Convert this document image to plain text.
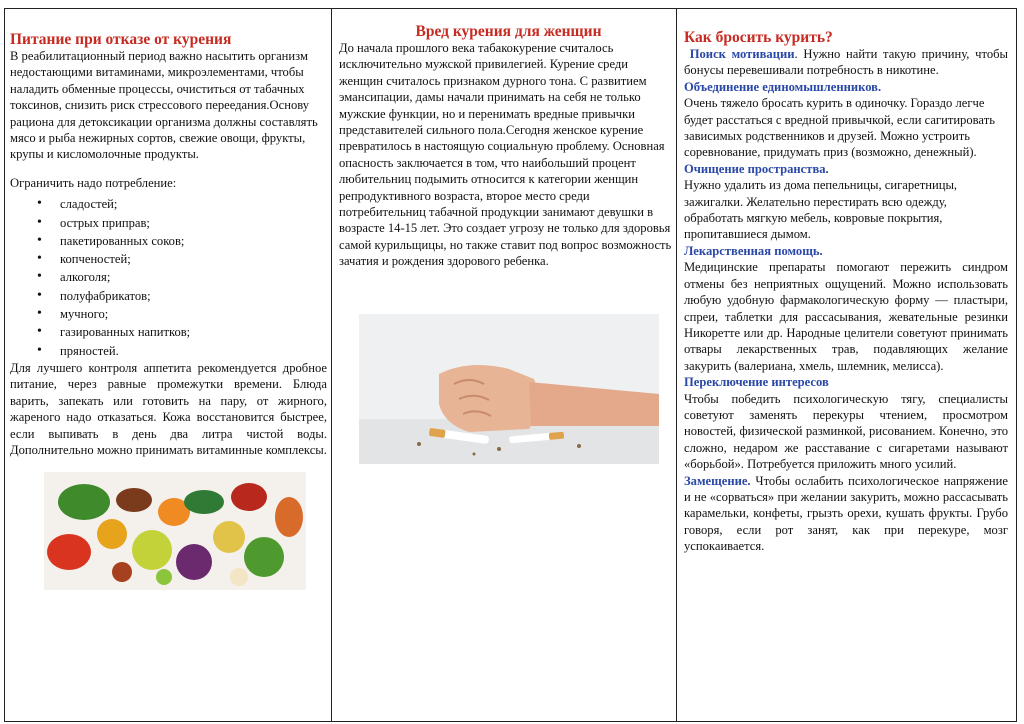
Питание при отказе от курения

В реабилитационный период важно насытить организм недостающими витаминами, микроэлементами, чтобы наладить обменные процессы, очиститься от табачных токсинов, снизить риск стрессового переедания.Основу рациона для детоксикации организма должны составлять мясо и рыба нежирных сортов, свежие овощи, фрукты, крупы и кисломолочные продукты.

Ограничить надо потребление:

• сладостей;
• острых приправ;
• пакетированных соков;
• копченостей;
• алкоголя;
• полуфабрикатов;
• мучного;
• газированных напитков;
• пряностей.

Для лучшего контроля аппетита рекомендуется дробное питание, через равные промежутки времени. Блюда варить, запекать или готовить на пару, от жирного, жареного надо отказаться. Кожа восстановится быстрее, если выпивать в день два литра чистой воды. Дополнительно можно принимать витаминные комплексы.

Вред курения для женщин

До начала прошлого века табакокурение считалось исключительно мужской привилегией. Курение среди женщин считалось признаком дурного тона. С развитием эмансипации, дамы начали принимать на себя не только мужские функции, но и перенимать вредные привычки представителей сильного пола.Сегодня женское курение превратилось в настоящую социальную проблему. Основная опасность заключается в том, что наибольший процент любительниц подымить относится к категории женщин репродуктивного возраста, второе место среди потребительниц табачной продукции занимают девушки в возрасте 14-15 лет. Это создает угрозу не только для здоровья самой курильщицы, но также ставит под вопрос возможность зачатия и рождения здорового ребенка.

Как бросить курить?

Поиск мотивации. Нужно найти такую причину, чтобы бонусы перевешивали потребность в никотине.

Объединение единомышленников.

Очень тяжело бросать курить в одиночку. Гораздо легче будет расстаться с вредной привычкой, если сагитировать зависимых родственников и друзей. Можно устроить соревнование, придумать приз (возможно, денежный).

Очищение пространства.

Нужно удалить из дома пепельницы, сигаретницы, зажигалки. Желательно перестирать всю одежду, обработать мягкую мебель, ковровые покрытия, пропитавшиеся дымом.

Лекарственная помощь.

Медицинские препараты помогают пережить синдром отмены без неприятных ощущений. Можно использовать любую удобную фармакологическую форму — пластыри, спреи, таблетки для рассасывания, жевательные резинки Никоретте или др. Народные целители советуют принимать отвары лекарственных трав, подавляющих желание закурить (валериана, хмель, шлемник, мелисса).

Переключение интересов

Чтобы победить психологическую тягу, специалисты советуют заменять перекуры чтением, просмотром новостей, физической разминкой, рисованием. Конечно, это сложно, недаром же расставание с сигаретами называют «борьбой». Потребуется приложить много усилий.

Замещение. Чтобы ослабить психологическое напряжение и не «сорваться» при желании закурить, можно рассасывать карамельки, конфеты, грызть орехи, кушать фрукты. Грубо говоря, если рот занят, как при перекуре, мозг успокаивается.
